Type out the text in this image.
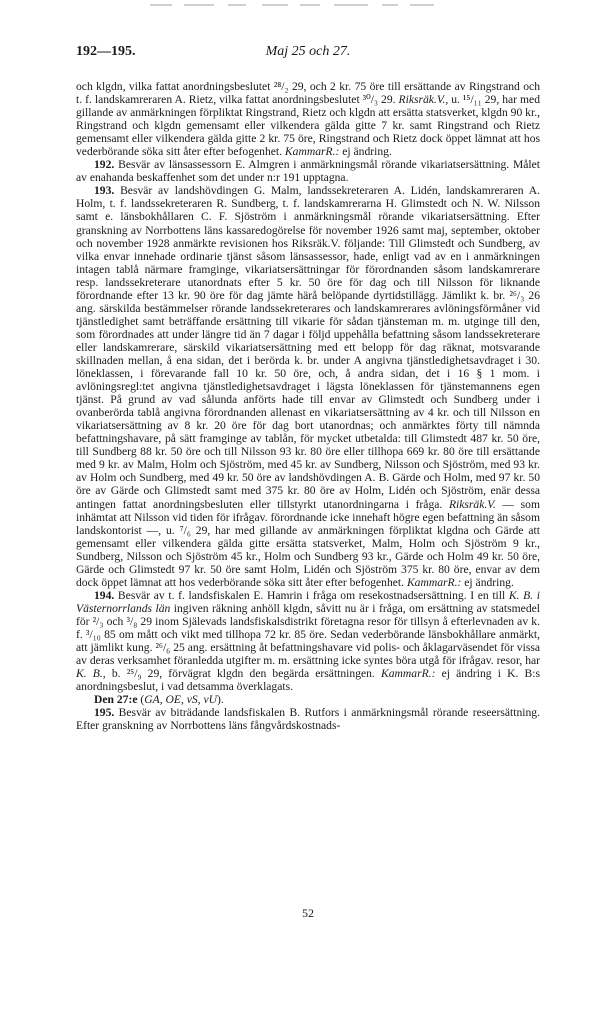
192—195.	Maj 25 och 27.

och klgdn, vilka fattat anordningsbeslutet ²⁸/₂ 29, och 2 kr. 75 öre till ersättande av Ringstrand och t. f. landskamreraren A. Rietz, vilka fattat anordningsbeslutet ³⁰/₃ 29. Riksräk.V., u. ¹⁵/₁₁ 29, har med gillande av anmärkningen förpliktat Ringstrand, Rietz och klgdn att ersätta statsverket, klgdn 90 kr., Ringstrand och klgdn gemensamt eller vilkendera gälda gitte 7 kr. samt Ringstrand och Rietz gemensamt eller vilkendera gälda gitte 2 kr. 75 öre, Ringstrand och Rietz dock öppet lämnat att hos vederbörande söka sitt åter efter befogenhet. KammarR.: ej ändring.

192. Besvär av länsassessorn E. Almgren i anmärkningsmål rörande vikariatsersättning. Målet av enahanda beskaffenhet som det under n:r 191 upptagna.

193. Besvär av landshövdingen G. Malm, landssekreteraren A. Lidén, landskamreraren A. Holm, t. f. landssekreteraren R. Sundberg, t. f. landskamrerarna H. Glimstedt och N. W. Nilsson samt e. länsbokhållaren C. F. Sjöström i anmärkningsmål rörande vikariatsersättning. Efter granskning av Norrbottens läns kassaredogörelse för november 1926 samt maj, september, oktober och november 1928 anmärkte revisionen hos Riksräk.V. följande: Till Glimstedt och Sundberg, av vilka envar innehade ordinarie tjänst såsom länsassessor, hade, enligt vad av en i anmärkningen intagen tablå närmare framginge, vikariatsersättningar för förordnanden såsom landskamrerare resp. landssekreterare utanordnats efter 5 kr. 50 öre för dag och till Nilsson för liknande förordnande efter 13 kr. 90 öre för dag jämte härå belöpande dyrtidstillägg. Jämlikt k. br. ²⁶/₃ 26 ang. särskilda bestämmelser rörande landssekreterares och landskamrerares avlöningsförmåner vid tjänstledighet samt beträffande ersättning till vikarie för sådan tjänsteman m. m. utginge till den, som förordnades att under längre tid än 7 dagar i följd uppehålla befattning såsom landssekreterare eller landskamrerare, särskild vikariatsersättning med ett belopp för dag räknat, motsvarande skillnaden mellan, å ena sidan, det i berörda k. br. under A angivna tjänstledighetsavdraget i 30. löneklassen, i förevarande fall 10 kr. 50 öre, och, å andra sidan, det i 16 § 1 mom. i avlöningsregl:tet angivna tjänstledighetsavdraget i lägsta löneklassen för tjänstemannens egen tjänst. På grund av vad sålunda anförts hade till envar av Glimstedt och Sundberg under i ovanberörda tablå angivna förordnanden allenast en vikariatsersättning av 4 kr. och till Nilsson en vikariatsersättning av 8 kr. 20 öre för dag bort utanordnas; och anmärktes förty till nämnda befattningshavare, på sätt framginge av tablån, för mycket utbetalda: till Glimstedt 487 kr. 50 öre, till Sundberg 88 kr. 50 öre och till Nilsson 93 kr. 80 öre eller tillhopa 669 kr. 80 öre till ersättande med 9 kr. av Malm, Holm och Sjöström, med 45 kr. av Sundberg, Nilsson och Sjöström, med 93 kr. av Holm och Sundberg, med 49 kr. 50 öre av landshövdingen A. B. Gärde och Holm, med 97 kr. 50 öre av Gärde och Glimstedt samt med 375 kr. 80 öre av Holm, Lidén och Sjöström, enär dessa antingen fattat anordningsbesluten eller tillstyrkt utanordningarna i fråga. Riksräk.V. — som inhämtat att Nilsson vid tiden för ifrågav. förordnande icke innehaft högre egen befattning än såsom landskontorist —, u. ⁷/₆ 29, har med gillande av anmärkningen förpliktat klgdna och Gärde att gemensamt eller vilkendera gälda gitte ersätta statsverket, Malm, Holm och Sjöström 9 kr., Sundberg, Nilsson och Sjöström 45 kr., Holm och Sundberg 93 kr., Gärde och Holm 49 kr. 50 öre, Gärde och Glimstedt 97 kr. 50 öre samt Holm, Lidén och Sjöström 375 kr. 80 öre, envar av dem dock öppet lämnat att hos vederbörande söka sitt åter efter befogenhet. KammarR.: ej ändring.

194. Besvär av t. f. landsfiskalen E. Hamrin i fråga om resekostnadsersättning. I en till K. B. i Västernorrlands län ingiven räkning anhöll klgdn, såvitt nu är i fråga, om ersättning av statsmedel för ²/₃ och ³/₈ 29 inom Själevads landsfiskalsdistrikt företagna resor för tillsyn å efterlevnaden av k. f. ³/₁₀ 85 om mått och vikt med tillhopa 72 kr. 85 öre. Sedan vederbörande länsbokhållare anmärkt, att jämlikt kung. ²⁶/₆ 25 ang. ersättning åt befattningshavare vid polis- och åklagarväsendet för vissa av deras verksamhet föranledda utgifter m. m. ersättning icke syntes böra utgå för ifrågav. resor, har K. B., b. ²⁵/₉ 29, förvägrat klgdn den begärda ersättningen. KammarR.: ej ändring i K. B:s anordningsbeslut, i vad detsamma överklagats.

Den 27:e (GA, OE, vS, vU).

195. Besvär av biträdande landsfiskalen B. Rutfors i anmärkningsmål rörande reseersättning. Efter granskning av Norrbottens läns fångvårdskostnads-

52
